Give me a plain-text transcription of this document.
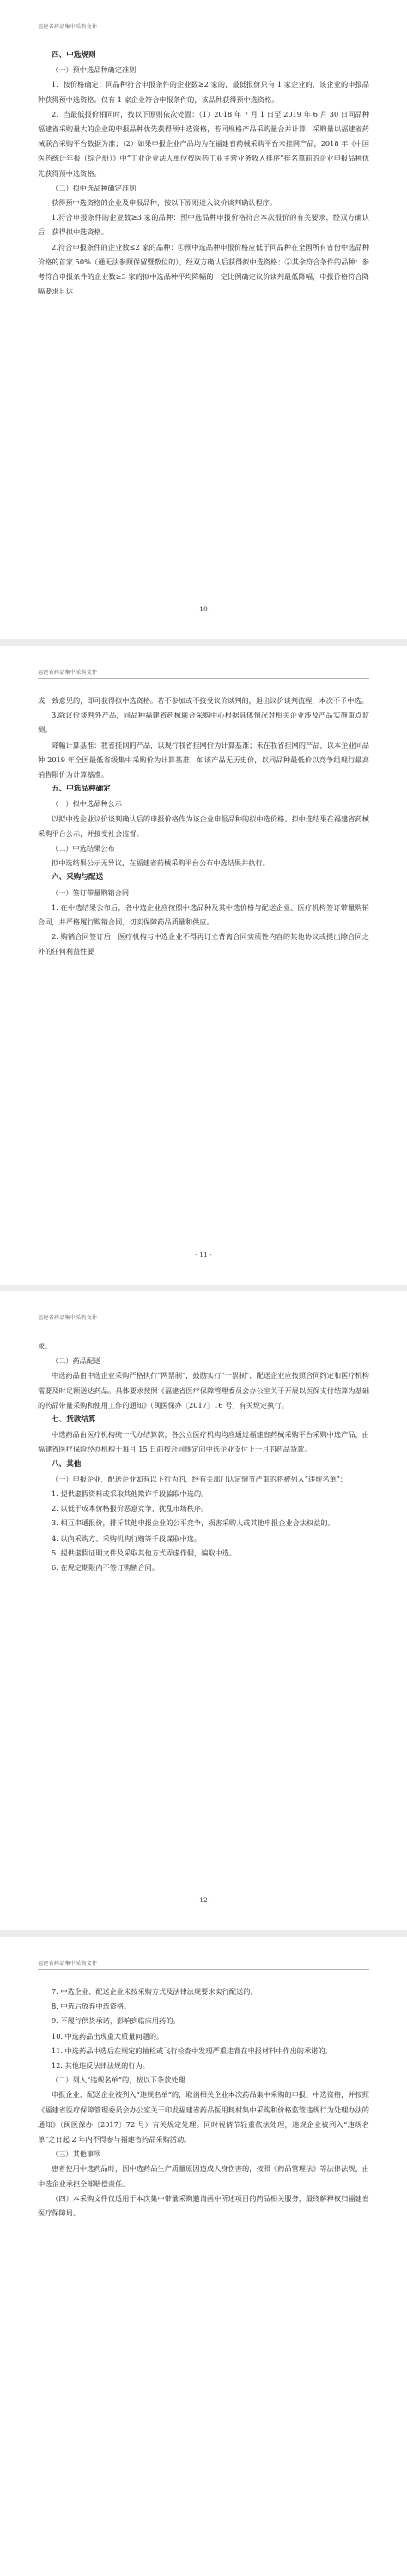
福建省药品集中采购文件

四、中选规则

（一）预中选品种确定准则

1．按价格确定：同品种符合申报条件的企业数≥2 家的，最低报价只有 1 家企业的，该企业的申报品种获得预中选资格。仅有 1 家企业符合申报条件的，该品种获得预中选资格。

2．当最低报价相同时，按以下原则依次处置：（1）2018 年 7 月 1 日至 2019 年 6 月 30 日同品种福建省采购量大的企业的申报品种优先获得预中选资格，若同规格产品采购量合并计算，采购量以福建省药械联合采购平台数据为准；（2）如果申报企业产品均为在福建省药械采购平台未挂网产品，2018 年《中国医药统计年报（综合册）》中“工业企业法人单位按医药工业主营业务收入排序”排名靠前的企业申报品种优先获得预中选资格。

（二）拟中选品种确定准则

获得预中选资格的企业及申报品种，按以下原则进入议价谈判确认程序。

1.符合申报条件的企业数≥3 家的品种：预中选品种申报价格符合本次报价的有关要求，经双方确认后，获得拟中选资格。

2.符合申报条件的企业数≤2 家的品种：①预中选品种申报价格应低于同品种在全国所有省份中选品种价格的首家 50%（通无法参照保留暨数位的），经双方确认后获得拟中选资格；②其余符合条件的品种：参考符合申报条件的企业数≥3 家的拟中选品种平均降幅的一定比例确定议价谈判最低降幅，申报价格符合降幅要求且达

- 10 -
福建省药品集中采购文件

成一致意见的，即可获得拟中选资格。若不参加或不接受议价谈判的，退出议价谈判流程，本次不予中选。

3.除议价谈判外产品，同品种福建省药械联合采购中心根据具体情况对相关企业涉及产品实施重点监测。

降幅计算基准：我省挂网的产品，以现行我省挂网价为计算基准；未在我省挂网的产品，以本企业同品种 2019 年全国最低省级集中采购价为计算基准，如该产品无历史价，以同品种最低价以竞争组现行最高销售限价为计算基准。

五、中选品种确定

（一）拟中选品种公示

以拟中选企业议价谈判确认后的申报价格作为该企业申报品种的拟中选价格。拟中选结果在福建省药械采购平台公示，并接受社会监督。

（二）中选结果公布

拟中选结果公示无异议，在福建省药械采购平台公布中选结果并执行。

六、采购与配送

（一）签订带量购销合同

1. 在中选结果公布后，各中选企业应按照中选品种及其中选价格与配送企业、医疗机构签订带量购销合同，并严格履行购销合同，切实保障药品质量和供应。

2. 购销合同签订后，医疗机构与中选企业不得再订立背离合同实质性内容的其他协议或提出除合同之外的任何利益性要

- 11 -
福建省药品集中采购文件

求。

（二）药品配送

中选药品由中选企业采购严格执行“两票制”，鼓励实行“一票制”，配送企业应按照合同约定和医疗机构需要及时足额送达药品。具体要求按照《福建省医疗保障管理委员会办公室关于开展以医保支付结算为基础的药品带量采购和使用工作的通知》（闽医保办〔2017〕16 号）有关规定执行。

七、货款结算

中选药品由医疗机构统一代办结算款，各公立医疗机构均应通过福建省药械采购平台采购中选产品，由福建省医疗保险经办机构于每月 15 日前按合同规定向中选企业支付上一月的药品货款。

八、其他

（一）申报企业、配送企业如有以下行为的，经有关部门认定情节严重的将被列入“违规名单”：

1. 提供虚假资料或采取其他欺诈手段骗取中选的。

2. 以低于成本价格报价恶意竞争，扰乱市场秩序。

3. 相互串通报价，排斥其他申报企业的公平竞争，损害采购人或其他申报企业合法权益的。

4. 以向采购方、采购机构行贿等手段谋取中选。

5. 提供虚假证明文件及采取其他方式弄虚作假，骗取中选。

6. 在规定期限内不签订购销合同。

- 12 -
福建省药品集中采购文件

7. 中选企业、配送企业未按采购方式及法律法规要求实行配送的。

8. 中选后放弃中选资格。

9. 不履行供货承诺，影响到临床用药的。

10. 中选药品出现重大质量问题的。

11. 中选药品中选后在规定的抽检或飞行检查中发现严重违背在申报材料中作出的承诺的。

12. 其他违反法律法规的行为。

（二）列入“违规名单”的，按以下条款处理

申报企业、配送企业被列入“违规名单”的，取消相关企业本次药品集中采购的申报、中选资格，并按照《福建省医疗保障管理委员会办公室关于印发福建省药品医用耗材集中采购和价格监管违规行为处理办法的通知》（闽医保办〔2017〕72 号）有关规定处理。同时视情节轻重依法处理，违规企业被列入“违规名单”之日起 2 年内不得参与福建省药品采购活动。

（三）其他事项

患者使用中选药品时，因中选药品生产质量原因造成人身伤害的，按照《药品管理法》等法律法规，由中选企业承担全部赔偿责任。

（四）本采购文件仅适用于本次集中带量采购邀请函中所述项目的药品相关服务，最终解释权归福建省医疗保障局。
